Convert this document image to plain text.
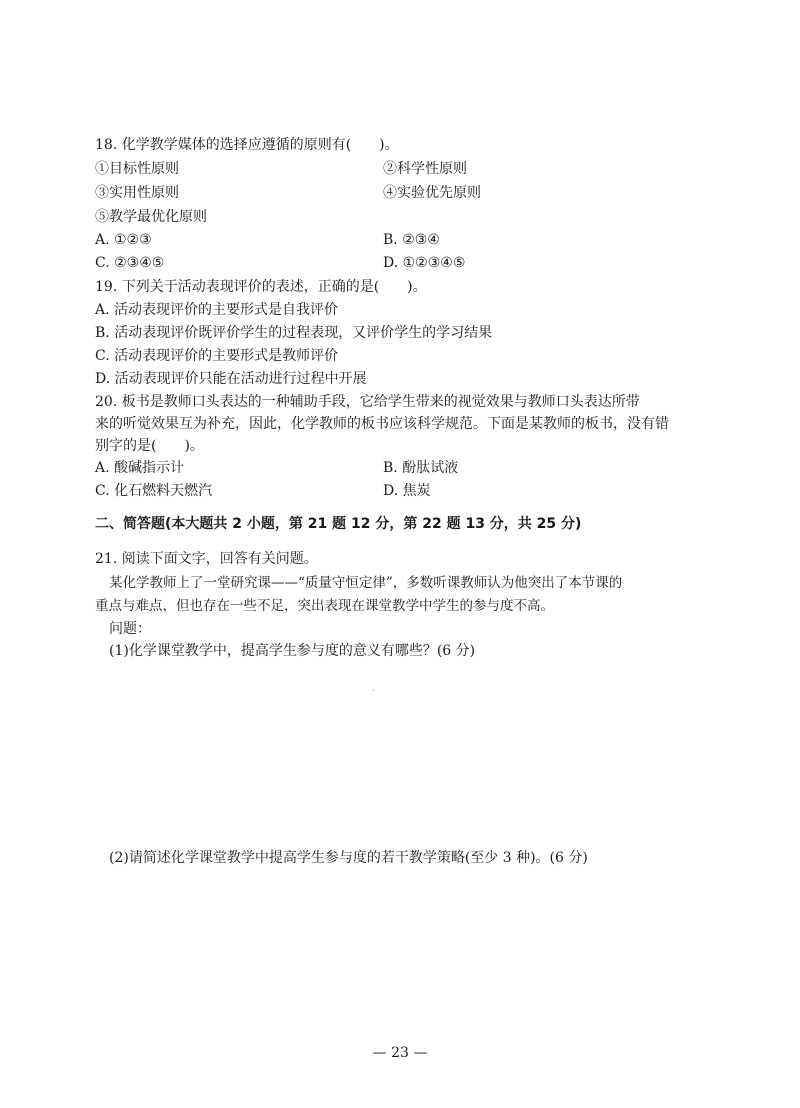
18. 化学教学媒体的选择应遵循的原则有(　　)。
①目标性原则	②科学性原则
③实用性原则	④实验优先原则
⑤教学最优化原则
A. ①②③	B. ②③④
C. ②③④⑤	D. ①②③④⑤
19. 下列关于活动表现评价的表述，正确的是(　　)。
A. 活动表现评价的主要形式是自我评价
B. 活动表现评价既评价学生的过程表现，又评价学生的学习结果
C. 活动表现评价的主要形式是教师评价
D. 活动表现评价只能在活动进行过程中开展
20. 板书是教师口头表达的一种辅助手段，它给学生带来的视觉效果与教师口头表达所带
来的听觉效果互为补充，因此，化学教师的板书应该科学规范。下面是某教师的板书，没有错
别字的是(　　)。
A. 酸碱指示计	B. 酚肽试液
C. 化石燃料天燃汽	D. 焦炭
二、简答题(本大题共 2 小题，第 21 题 12 分，第 22 题 13 分，共 25 分)
21. 阅读下面文字，回答有关问题。
某化学教师上了一堂研究课——“质量守恒定律”，多数听课教师认为他突出了本节课的
重点与难点，但也存在一些不足，突出表现在课堂教学中学生的参与度不高。
问题：
(1)化学课堂教学中，提高学生参与度的意义有哪些？(6 分)
(2)请简述化学课堂教学中提高学生参与度的若干教学策略(至少 3 种)。(6 分)
— 23 —
